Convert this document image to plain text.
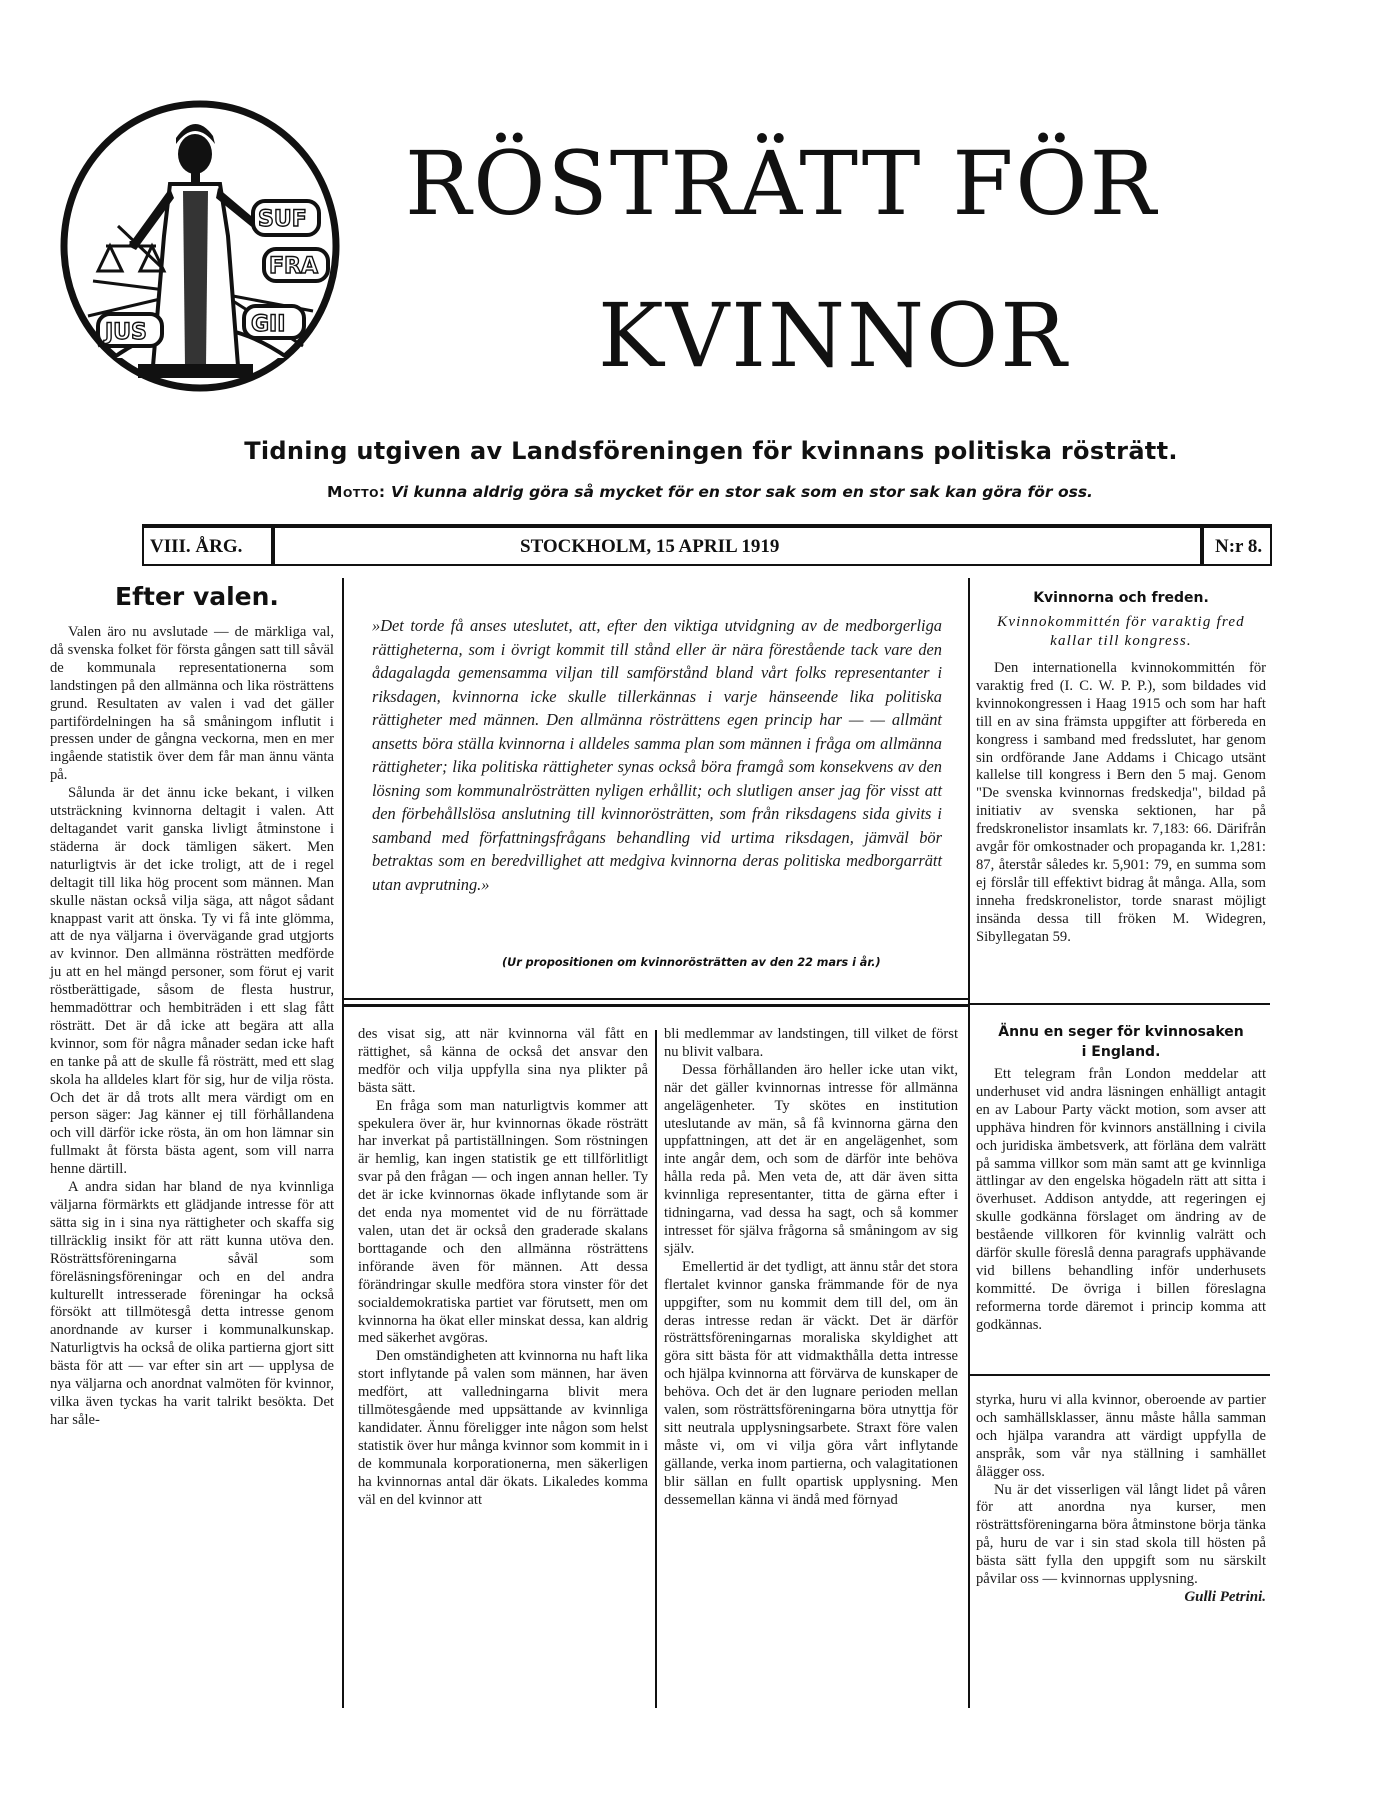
SUF
FRA
JUS	GII
RÖSTRÄTT FÖR
KVINNOR
Tidning utgiven av Landsföreningen för kvinnans politiska rösträtt.
Motto: Vi kunna aldrig göra så mycket för en stor sak som en stor sak kan göra för oss.
VIII. ÅRG.	STOCKHOLM, 15 APRIL 1919	N:r 8.
Efter valen.

Valen äro nu avslutade — de märkliga val, då svenska folket för första gången satt till såväl de kommunala representationerna som landstingen på den allmänna och lika rösträttens grund. Resultaten av valen i vad det gäller partifördelningen ha så småningom influtit i pressen under de gångna veckorna, men en mer ingående statistik över dem får man ännu vänta på.

Sålunda är det ännu icke bekant, i vilken utsträckning kvinnorna deltagit i valen. Att deltagandet varit ganska livligt åtminstone i städerna är dock tämligen säkert. Men naturligtvis är det icke troligt, att de i regel deltagit till lika hög procent som männen. Man skulle nästan också vilja säga, att något sådant knappast varit att önska. Ty vi få inte glömma, att de nya väljarna i övervägande grad utgjorts av kvinnor. Den allmänna rösträtten medförde ju att en hel mängd personer, som förut ej varit röstberättigade, såsom de flesta hustrur, hemmadöttrar och hembiträden i ett slag fått rösträtt. Det är då icke att begära att alla kvinnor, som för några månader sedan icke haft en tanke på att de skulle få rösträtt, med ett slag skola ha alldeles klart för sig, hur de vilja rösta. Och det är då trots allt mera värdigt om en person säger: Jag känner ej till förhållandena och vill därför icke rösta, än om hon lämnar sin fullmakt åt första bästa agent, som vill narra henne därtill.

A andra sidan har bland de nya kvinnliga väljarna förmärkts ett glädjande intresse för att sätta sig in i sina nya rättigheter och skaffa sig tillräcklig insikt för att rätt kunna utöva den. Rösträttsföreningarna såväl som föreläsningsföreningar och en del andra kulturellt intresserade föreningar ha också försökt att tillmötesgå detta intresse genom anordnande av kurser i kommunalkunskap. Naturligtvis ha också de olika partierna gjort sitt bästa för att — var efter sin art — upplysa de nya väljarna och anordnat valmöten för kvinnor, vilka även tyckas ha varit talrikt besökta. Det har såle-

»Det torde få anses uteslutet, att, efter den viktiga utvidgning av de medborgerliga rättigheterna, som i övrigt kommit till stånd eller är nära förestående tack vare den ådagalagda gemensamma viljan till samförstånd bland vårt folks representanter i riksdagen, kvinnorna icke skulle tillerkännas i varje hänseende lika politiska rättigheter med männen. Den allmänna rösträttens egen princip har — — allmänt ansetts böra ställa kvinnorna i alldeles samma plan som männen i fråga om allmänna rättigheter; lika politiska rättigheter synas också böra framgå som konsekvens av den lösning som kommunalrösträtten nyligen erhållit; och slutligen anser jag för visst att den förbehållslösa anslutning till kvinnorösträtten, som från riksdagens sida givits i samband med författningsfrågans behandling vid urtima riksdagen, jämväl bör betraktas som en beredvillighet att medgiva kvinnorna deras politiska medborgarrätt utan avprutning.»
(Ur propositionen om kvinnorösträtten av den 22 mars i år.)

des visat sig, att när kvinnorna väl fått en rättighet, så känna de också det ansvar den medför och vilja uppfylla sina nya plikter på bästa sätt.

En fråga som man naturligtvis kommer att spekulera över är, hur kvinnornas ökade rösträtt har inverkat på partiställningen. Som röstningen är hemlig, kan ingen statistik ge ett tillförlitligt svar på den frågan — och ingen annan heller. Ty det är icke kvinnornas ökade inflytande som är det enda nya momentet vid de nu förrättade valen, utan det är också den graderade skalans borttagande och den allmänna rösträttens införande även för männen. Att dessa förändringar skulle medföra stora vinster för det socialdemokratiska partiet var förutsett, men om kvinnorna ha ökat eller minskat dessa, kan aldrig med säkerhet avgöras.

Den omständigheten att kvinnorna nu haft lika stort inflytande på valen som männen, har även medfört, att valledningarna blivit mera tillmötesgående med uppsättande av kvinnliga kandidater. Ännu föreligger inte någon som helst statistik över hur många kvinnor som kommit in i de kommunala korporationerna, men säkerligen ha kvinnornas antal där ökats. Likaledes komma väl en del kvinnor att

bli medlemmar av landstingen, till vilket de först nu blivit valbara.

Dessa förhållanden äro heller icke utan vikt, när det gäller kvinnornas intresse för allmänna angelägenheter. Ty skötes en institution uteslutande av män, så få kvinnorna gärna den uppfattningen, att det är en angelägenhet, som inte angår dem, och som de därför inte behöva hålla reda på. Men veta de, att där även sitta kvinnliga representanter, titta de gärna efter i tidningarna, vad dessa ha sagt, och så kommer intresset för själva frågorna så småningom av sig själv.

Emellertid är det tydligt, att ännu står det stora flertalet kvinnor ganska främmande för de nya uppgifter, som nu kommit dem till del, om än deras intresse redan är väckt. Det är därför rösträttsföreningarnas moraliska skyldighet att göra sitt bästa för att vidmakthålla detta intresse och hjälpa kvinnorna att förvärva de kunskaper de behöva. Och det är den lugnare perioden mellan valen, som rösträttsföreningarna böra utnyttja för sitt neutrala upplysningsarbete. Straxt före valen måste vi, om vi vilja göra vårt inflytande gällande, verka inom partierna, och valagitationen blir sällan en fullt opartisk upplysning. Men dessemellan känna vi ändå med förnyad

Kvinnorna och freden.
Kvinnokommittén för varaktig fred
kallar till kongress.

Den internationella kvinnokommittén för varaktig fred (I. C. W. P. P.), som bildades vid kvinnokongressen i Haag 1915 och som har haft till en av sina främsta uppgifter att förbereda en kongress i samband med fredsslutet, har genom sin ordförande Jane Addams i Chicago utsänt kallelse till kongress i Bern den 5 maj. Genom "De svenska kvinnornas fredskedja", bildad på initiativ av svenska sektionen, har på fredskronelistor insamlats kr. 7,183: 66. Därifrån avgår för omkostnader och propaganda kr. 1,281: 87, återstår således kr. 5,901: 79, en summa som ej förslår till effektivt bidrag åt många. Alla, som inneha fredskronelistor, torde snarast möjligt insända dessa till fröken M. Widegren, Sibyllegatan 59.

Ännu en seger för kvinnosaken
i England.

Ett telegram från London meddelar att underhuset vid andra läsningen enhälligt antagit en av Labour Party väckt motion, som avser att upphäva hindren för kvinnors anställning i civila och juridiska ämbetsverk, att förläna dem valrätt på samma villkor som män samt att ge kvinnliga ättlingar av den engelska högadeln rätt att sitta i överhuset. Addison antydde, att regeringen ej skulle godkänna förslaget om ändring av de bestående villkoren för kvinnlig valrätt och därför skulle föreslå denna paragrafs upphävande vid billens behandling inför underhusets kommitté. De övriga i billen föreslagna reformerna torde däremot i princip komma att godkännas.

styrka, huru vi alla kvinnor, oberoende av partier och samhällsklasser, ännu måste hålla samman och hjälpa varandra att värdigt uppfylla de anspråk, som vår nya ställning i samhället ålägger oss.

Nu är det visserligen väl långt lidet på våren för att anordna nya kurser, men rösträttsföreningarna böra åtminstone börja tänka på, huru de var i sin stad skola till hösten på bästa sätt fylla den uppgift som nu särskilt påvilar oss — kvinnornas upplysning.

Gulli Petrini.
